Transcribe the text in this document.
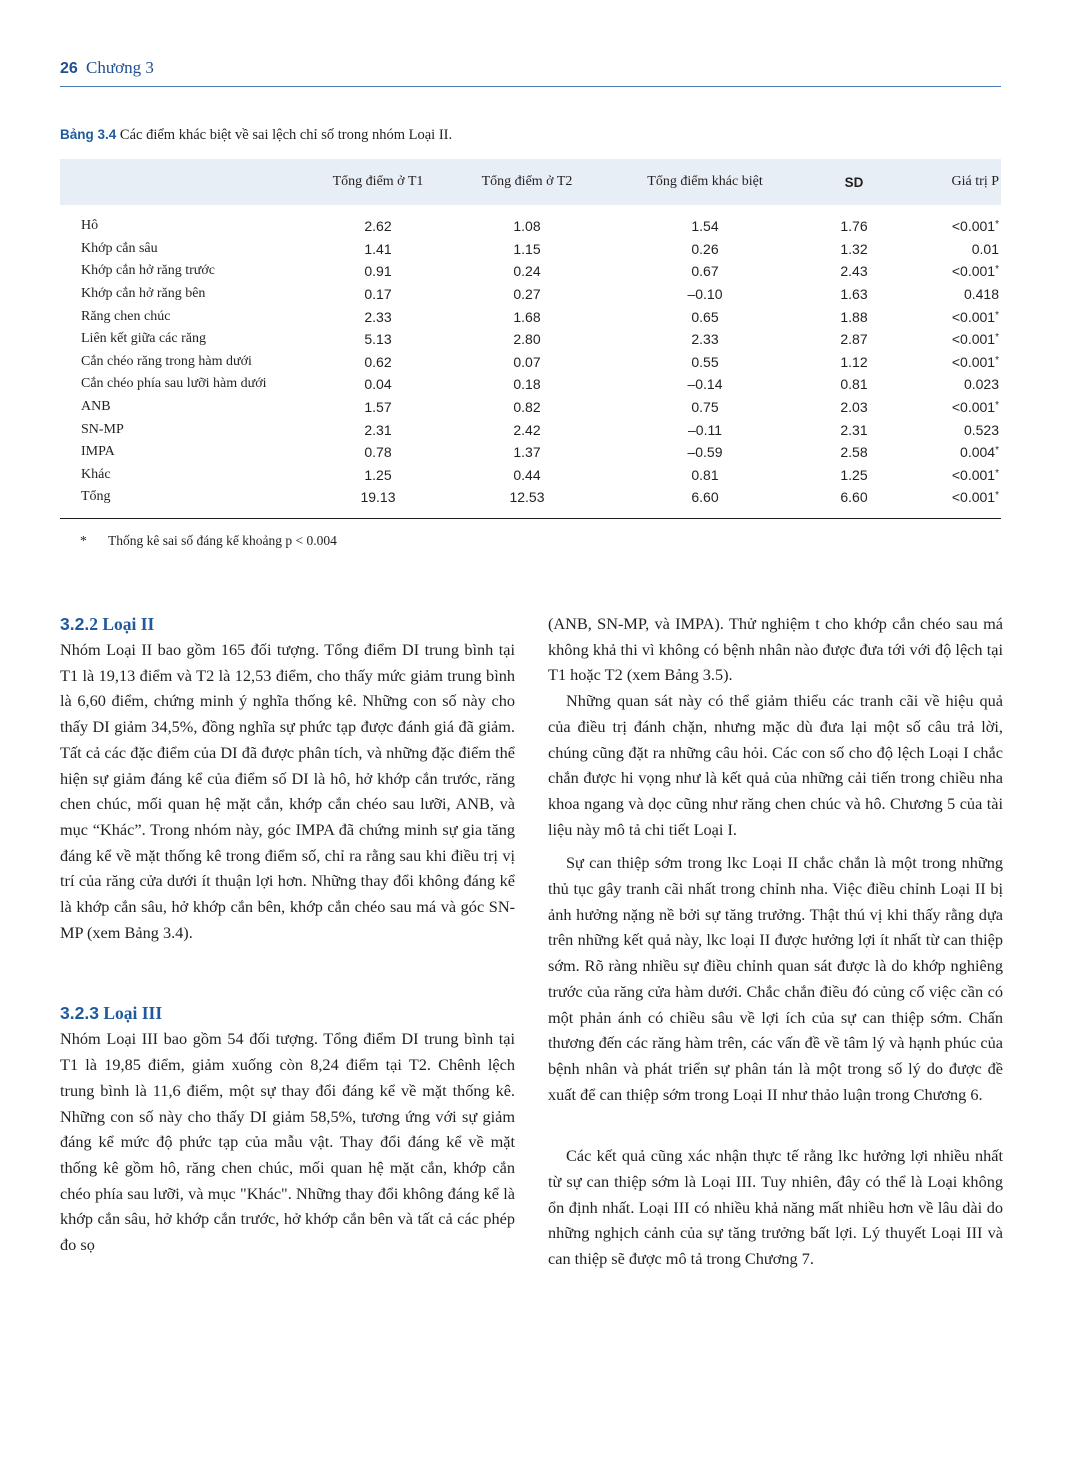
26 Chương 3
Bảng 3.4 Các điểm khác biệt về sai lệch chỉ số trong nhóm Loại II.
	Tổng điểm ở T1	Tổng điểm ở T2	Tổng điểm khác biệt	SD	Giá trị P
Hô	2.62	1.08	1.54	1.76	<0.001*
Khớp cắn sâu	1.41	1.15	0.26	1.32	0.01
Khớp cắn hở răng trước	0.91	0.24	0.67	2.43	<0.001*
Khớp cắn hở răng bên	0.17	0.27	–0.10	1.63	0.418
Răng chen chúc	2.33	1.68	0.65	1.88	<0.001*
Liên kết giữa các răng	5.13	2.80	2.33	2.87	<0.001*
Cắn chéo răng trong hàm dưới	0.62	0.07	0.55	1.12	<0.001*
Cắn chéo phía sau lưỡi hàm dưới	0.04	0.18	–0.14	0.81	0.023
ANB	1.57	0.82	0.75	2.03	<0.001*
SN-MP	2.31	2.42	–0.11	2.31	0.523
IMPA	0.78	1.37	–0.59	2.58	0.004*
Khác	1.25	0.44	0.81	1.25	<0.001*
Tổng	19.13	12.53	6.60	6.60	<0.001*
* Thống kê sai số đáng kể khoảng p < 0.004
3.2.2 Loại II

Nhóm Loại II bao gồm 165 đối tượng. Tổng điểm DI trung bình tại T1 là 19,13 điểm và T2 là 12,53 điểm, cho thấy mức giảm trung bình là 6,60 điểm, chứng minh ý nghĩa thống kê. Những con số này cho thấy DI giảm 34,5%, đồng nghĩa sự phức tạp được đánh giá đã giảm. Tất cả các đặc điểm của DI đã được phân tích, và những đặc điểm thể hiện sự giảm đáng kể của điểm số DI là hô, hở khớp cắn trước, răng chen chúc, mối quan hệ mặt cắn, khớp cắn chéo sau lưỡi, ANB, và mục “Khác”. Trong nhóm này, góc IMPA đã chứng minh sự gia tăng đáng kể về mặt thống kê trong điểm số, chỉ ra rằng sau khi điều trị vị trí của răng cửa dưới ít thuận lợi hơn. Những thay đổi không đáng kể là khớp cắn sâu, hở khớp cắn bên, khớp cắn chéo sau má và góc SN-MP (xem Bảng 3.4).

3.2.3 Loại III

Nhóm Loại III bao gồm 54 đối tượng. Tổng điểm DI trung bình tại T1 là 19,85 điểm, giảm xuống còn 8,24 điểm tại T2. Chênh lệch trung bình là 11,6 điểm, một sự thay đổi đáng kể về mặt thống kê. Những con số này cho thấy DI giảm 58,5%, tương ứng với sự giảm đáng kể mức độ phức tạp của mẫu vật. Thay đổi đáng kể về mặt thống kê gồm hô, răng chen chúc, mối quan hệ mặt cắn, khớp cắn chéo phía sau lưỡi, và mục "Khác". Những thay đổi không đáng kể là khớp cắn sâu, hở khớp cắn trước, hở khớp cắn bên và tất cả các phép đo sọ

(ANB, SN-MP, và IMPA). Thử nghiệm t cho khớp cắn chéo sau má không khả thi vì không có bệnh nhân nào được đưa tới với độ lệch tại T1 hoặc T2 (xem Bảng 3.5).

Những quan sát này có thể giảm thiểu các tranh cãi về hiệu quả của điều trị đánh chặn, nhưng mặc dù đưa lại một số câu trả lời, chúng cũng đặt ra những câu hỏi. Các con số cho độ lệch Loại I chắc chắn được hi vọng như là kết quả của những cải tiến trong chiều nha khoa ngang và dọc cũng như răng chen chúc và hô. Chương 5 của tài liệu này mô tả chi tiết Loại I.

Sự can thiệp sớm trong lkc Loại II chắc chắn là một trong những thủ tục gây tranh cãi nhất trong chỉnh nha. Việc điều chỉnh Loại II bị ảnh hưởng nặng nề bởi sự tăng trưởng. Thật thú vị khi thấy rằng dựa trên những kết quả này, lkc loại II được hưởng lợi ít nhất từ can thiệp sớm. Rõ ràng nhiều sự điều chỉnh quan sát được là do khớp nghiêng trước của răng cửa hàm dưới. Chắc chắn điều đó củng cố việc cần có một phản ánh có chiều sâu về lợi ích của sự can thiệp sớm. Chấn thương đến các răng hàm trên, các vấn đề về tâm lý và hạnh phúc của bệnh nhân và phát triển sự phân tán là một trong số lý do được đề xuất để can thiệp sớm trong Loại II như thảo luận trong Chương 6.

Các kết quả cũng xác nhận thực tế rằng lkc hưởng lợi nhiều nhất từ sự can thiệp sớm là Loại III. Tuy nhiên, đây có thể là Loại không ổn định nhất. Loại III có nhiều khả năng mất nhiều hơn về lâu dài do những nghịch cảnh của sự tăng trưởng bất lợi. Lý thuyết Loại III và can thiệp sẽ được mô tả trong Chương 7.
